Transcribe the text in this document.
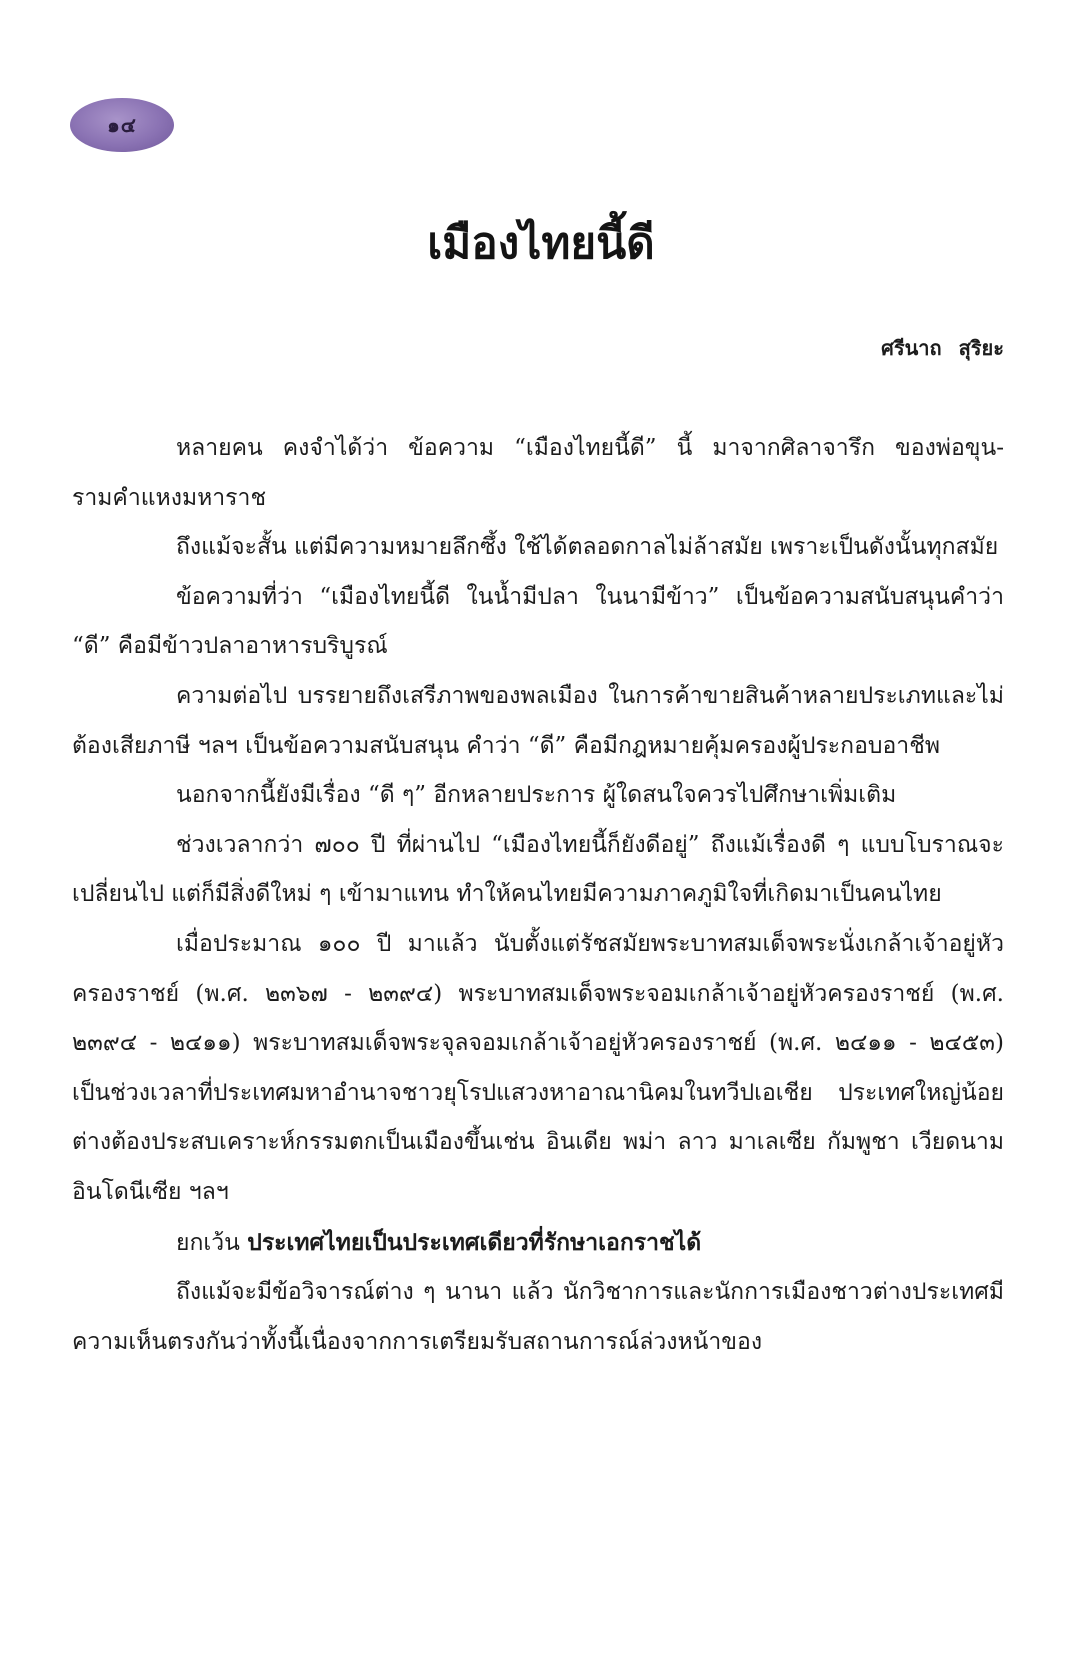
๑๔
เมืองไทยนี้ดี
ศรีนาถ สุริยะ

หลายคน คงจำได้ว่า ข้อความ “เมืองไทยนี้ดี” นี้ มาจากศิลาจารึก ของพ่อขุน-รามคำแหงมหาราช

ถึงแม้จะสั้น แต่มีความหมายลึกซึ้ง ใช้ได้ตลอดกาลไม่ล้าสมัย เพราะเป็นดังนั้นทุกสมัย

ข้อความที่ว่า “เมืองไทยนี้ดี ในน้ำมีปลา ในนามีข้าว” เป็นข้อความสนับสนุนคำว่า “ดี” คือมีข้าวปลาอาหารบริบูรณ์

ความต่อไป บรรยายถึงเสรีภาพของพลเมือง ในการค้าขายสินค้าหลายประเภทและไม่ต้องเสียภาษี ฯลฯ เป็นข้อความสนับสนุน คำว่า “ดี” คือมีกฎหมายคุ้มครองผู้ประกอบอาชีพ

นอกจากนี้ยังมีเรื่อง “ดี ๆ” อีกหลายประการ ผู้ใดสนใจควรไปศึกษาเพิ่มเติม

ช่วงเวลากว่า ๗๐๐ ปี ที่ผ่านไป “เมืองไทยนี้ก็ยังดีอยู่” ถึงแม้เรื่องดี ๆ แบบโบราณจะเปลี่ยนไป แต่ก็มีสิ่งดีใหม่ ๆ เข้ามาแทน ทำให้คนไทยมีความภาคภูมิใจที่เกิดมาเป็นคนไทย

เมื่อประมาณ ๑๐๐ ปี มาแล้ว นับตั้งแต่รัชสมัยพระบาทสมเด็จพระนั่งเกล้าเจ้าอยู่หัวครองราชย์ (พ.ศ. ๒๓๖๗ - ๒๓๙๔) พระบาทสมเด็จพระจอมเกล้าเจ้าอยู่หัวครองราชย์ (พ.ศ. ๒๓๙๔ - ๒๔๑๑) พระบาทสมเด็จพระจุลจอมเกล้าเจ้าอยู่หัวครองราชย์ (พ.ศ. ๒๔๑๑ - ๒๔๕๓) เป็นช่วงเวลาที่ประเทศมหาอำนาจชาวยุโรปแสวงหาอาณานิคมในทวีปเอเชีย ประเทศใหญ่น้อยต่างต้องประสบเคราะห์กรรมตกเป็นเมืองขึ้นเช่น อินเดีย พม่า ลาว มาเลเซีย กัมพูชา เวียดนาม อินโดนีเซีย ฯลฯ

ยกเว้น ประเทศไทยเป็นประเทศเดียวที่รักษาเอกราชได้

ถึงแม้จะมีข้อวิจารณ์ต่าง ๆ นานา แล้ว นักวิชาการและนักการเมืองชาวต่างประเทศมีความเห็นตรงกันว่าทั้งนี้เนื่องจากการเตรียมรับสถานการณ์ล่วงหน้าของ
